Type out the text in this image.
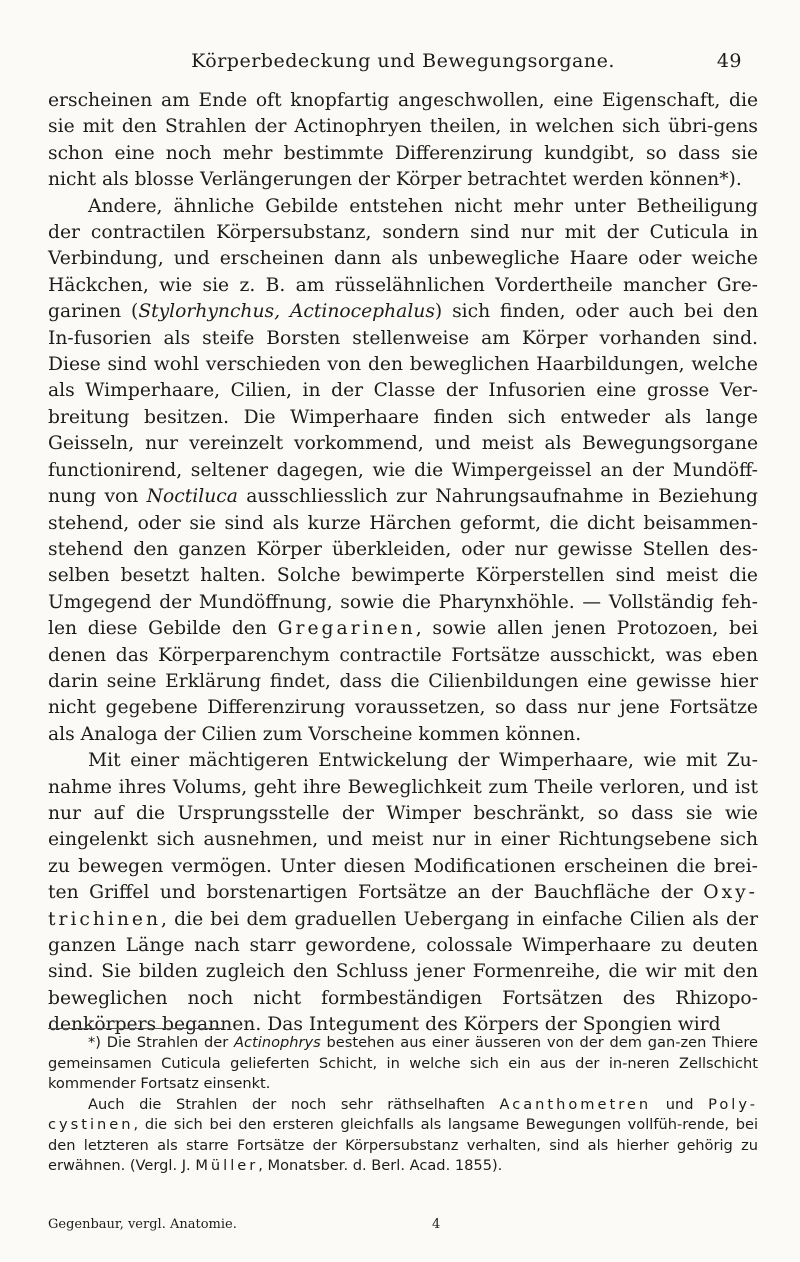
Körperbedeckung und Bewegungsorgane.	49

erscheinen am Ende oft knopfartig angeschwollen, eine Eigenschaft, die sie mit den Strahlen der Actinophryen theilen, in welchen sich übri-gens schon eine noch mehr bestimmte Differenzirung kundgibt, so dass sie nicht als blosse Verlängerungen der Körper betrachtet werden können*).

Andere, ähnliche Gebilde entstehen nicht mehr unter Betheiligung der contractilen Körpersubstanz, sondern sind nur mit der Cuticula in Verbindung, und erscheinen dann als unbewegliche Haare oder weiche Häckchen, wie sie z. B. am rüsselähnlichen Vordertheile mancher Gre-garinen (Stylorhynchus, Actinocephalus) sich finden, oder auch bei den In-fusorien als steife Borsten stellenweise am Körper vorhanden sind. Diese sind wohl verschieden von den beweglichen Haarbildungen, welche als Wimperhaare, Cilien, in der Classe der Infusorien eine grosse Ver-breitung besitzen. Die Wimperhaare finden sich entweder als lange Geisseln, nur vereinzelt vorkommend, und meist als Bewegungsorgane functionirend, seltener dagegen, wie die Wimpergeissel an der Mundöff-nung von Noctiluca ausschliesslich zur Nahrungsaufnahme in Beziehung stehend, oder sie sind als kurze Härchen geformt, die dicht beisammen-stehend den ganzen Körper überkleiden, oder nur gewisse Stellen des-selben besetzt halten. Solche bewimperte Körperstellen sind meist die Umgegend der Mundöffnung, sowie die Pharynxhöhle. — Vollständig feh-len diese Gebilde den Gregarinen, sowie allen jenen Protozoen, bei denen das Körperparenchym contractile Fortsätze ausschickt, was eben darin seine Erklärung findet, dass die Cilienbildungen eine gewisse hier nicht gegebene Differenzirung voraussetzen, so dass nur jene Fortsätze als Analoga der Cilien zum Vorscheine kommen können.

Mit einer mächtigeren Entwickelung der Wimperhaare, wie mit Zu-nahme ihres Volums, geht ihre Beweglichkeit zum Theile verloren, und ist nur auf die Ursprungsstelle der Wimper beschränkt, so dass sie wie eingelenkt sich ausnehmen, und meist nur in einer Richtungsebene sich zu bewegen vermögen. Unter diesen Modificationen erscheinen die brei-ten Griffel und borstenartigen Fortsätze an der Bauchfläche der Oxy-trichinen, die bei dem graduellen Uebergang in einfache Cilien als der ganzen Länge nach starr gewordene, colossale Wimperhaare zu deuten sind. Sie bilden zugleich den Schluss jener Formenreihe, die wir mit den beweglichen noch nicht formbeständigen Fortsätzen des Rhizopo-denkörpers begannen. Das Integument des Körpers der Spongien wird

*) Die Strahlen der Actinophrys bestehen aus einer äusseren von der dem gan-zen Thiere gemeinsamen Cuticula gelieferten Schicht, in welche sich ein aus der in-neren Zellschicht kommender Fortsatz einsenkt.

Auch die Strahlen der noch sehr räthselhaften Acanthometren und Poly-cystinen, die sich bei den ersteren gleichfalls als langsame Bewegungen vollfüh-rende, bei den letzteren als starre Fortsätze der Körpersubstanz verhalten, sind als hierher gehörig zu erwähnen. (Vergl. J. Müller, Monatsber. d. Berl. Acad. 1855).

Gegenbaur, vergl. Anatomie.	4
